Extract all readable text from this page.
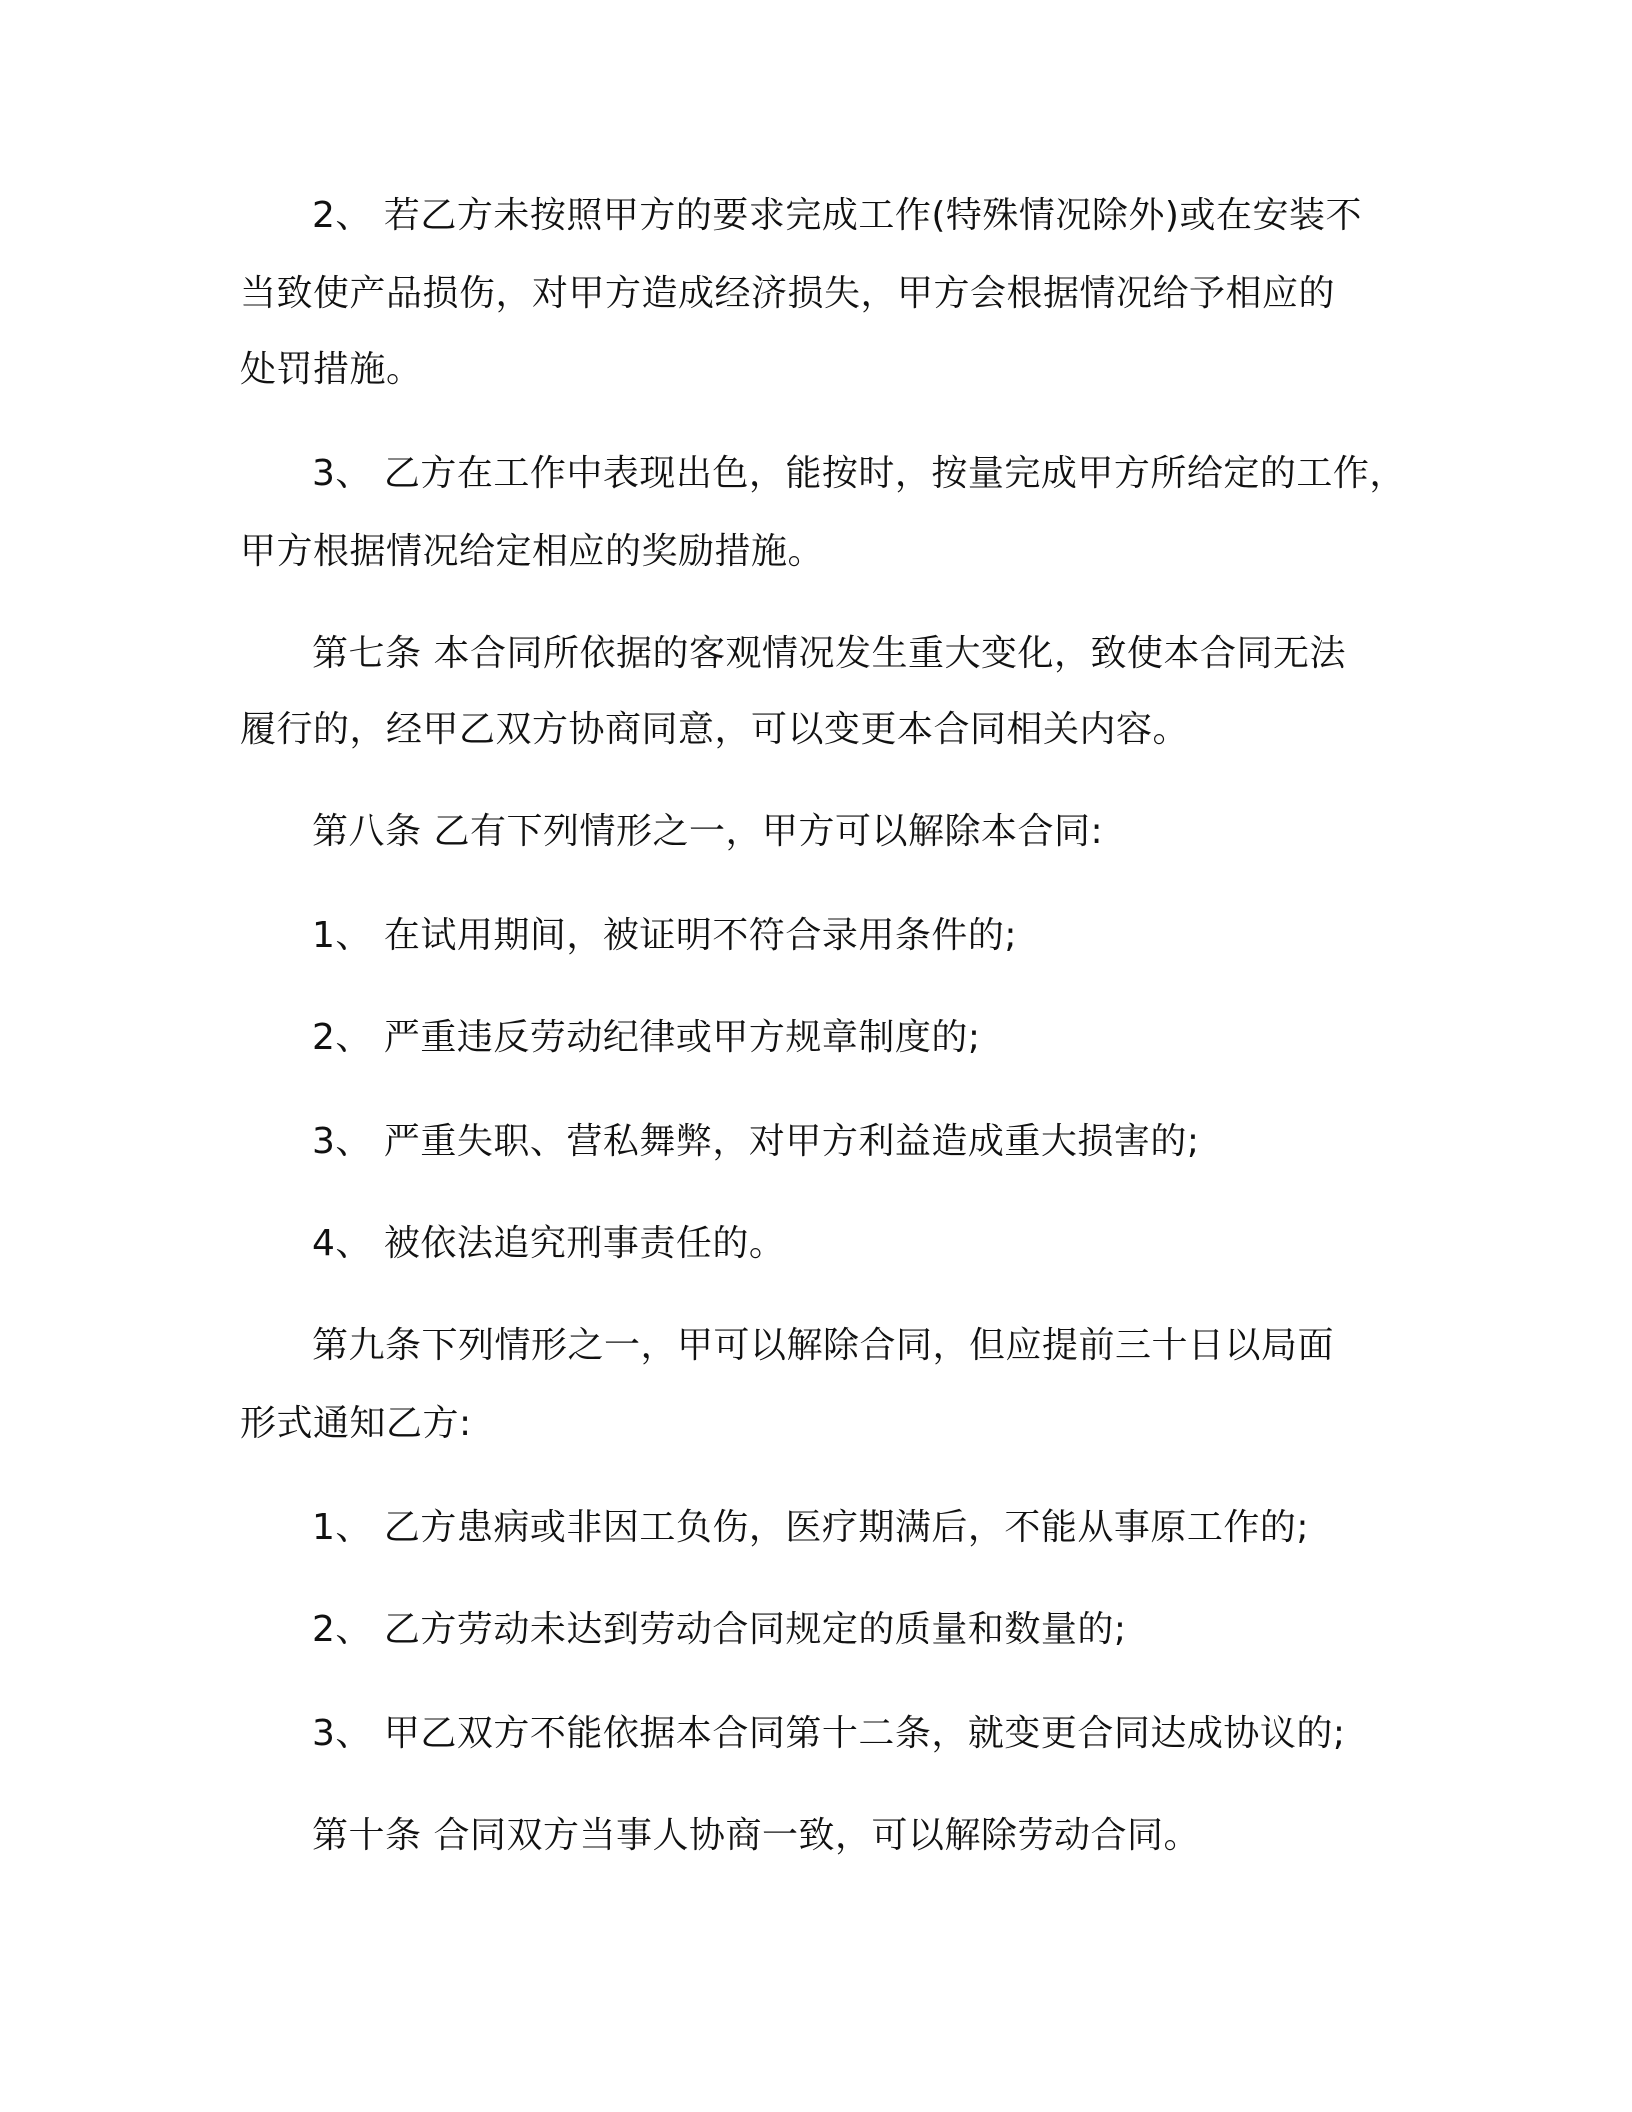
2、 若乙方未按照甲方的要求完成工作(特殊情况除外)或在安装不
当致使产品损伤，对甲方造成经济损失，甲方会根据情况给予相应的
处罚措施。
3、 乙方在工作中表现出色，能按时，按量完成甲方所给定的工作，
甲方根据情况给定相应的奖励措施。
第七条 本合同所依据的客观情况发生重大变化，致使本合同无法
履行的，经甲乙双方协商同意，可以变更本合同相关内容。
第八条 乙有下列情形之一，甲方可以解除本合同:
1、 在试用期间，被证明不符合录用条件的;
2、 严重违反劳动纪律或甲方规章制度的;
3、 严重失职、营私舞弊，对甲方利益造成重大损害的;
4、 被依法追究刑事责任的。
第九条下列情形之一，甲可以解除合同，但应提前三十日以局面
形式通知乙方:
1、 乙方患病或非因工负伤，医疗期满后，不能从事原工作的;
2、 乙方劳动未达到劳动合同规定的质量和数量的;
3、 甲乙双方不能依据本合同第十二条，就变更合同达成协议的;
第十条 合同双方当事人协商一致，可以解除劳动合同。
